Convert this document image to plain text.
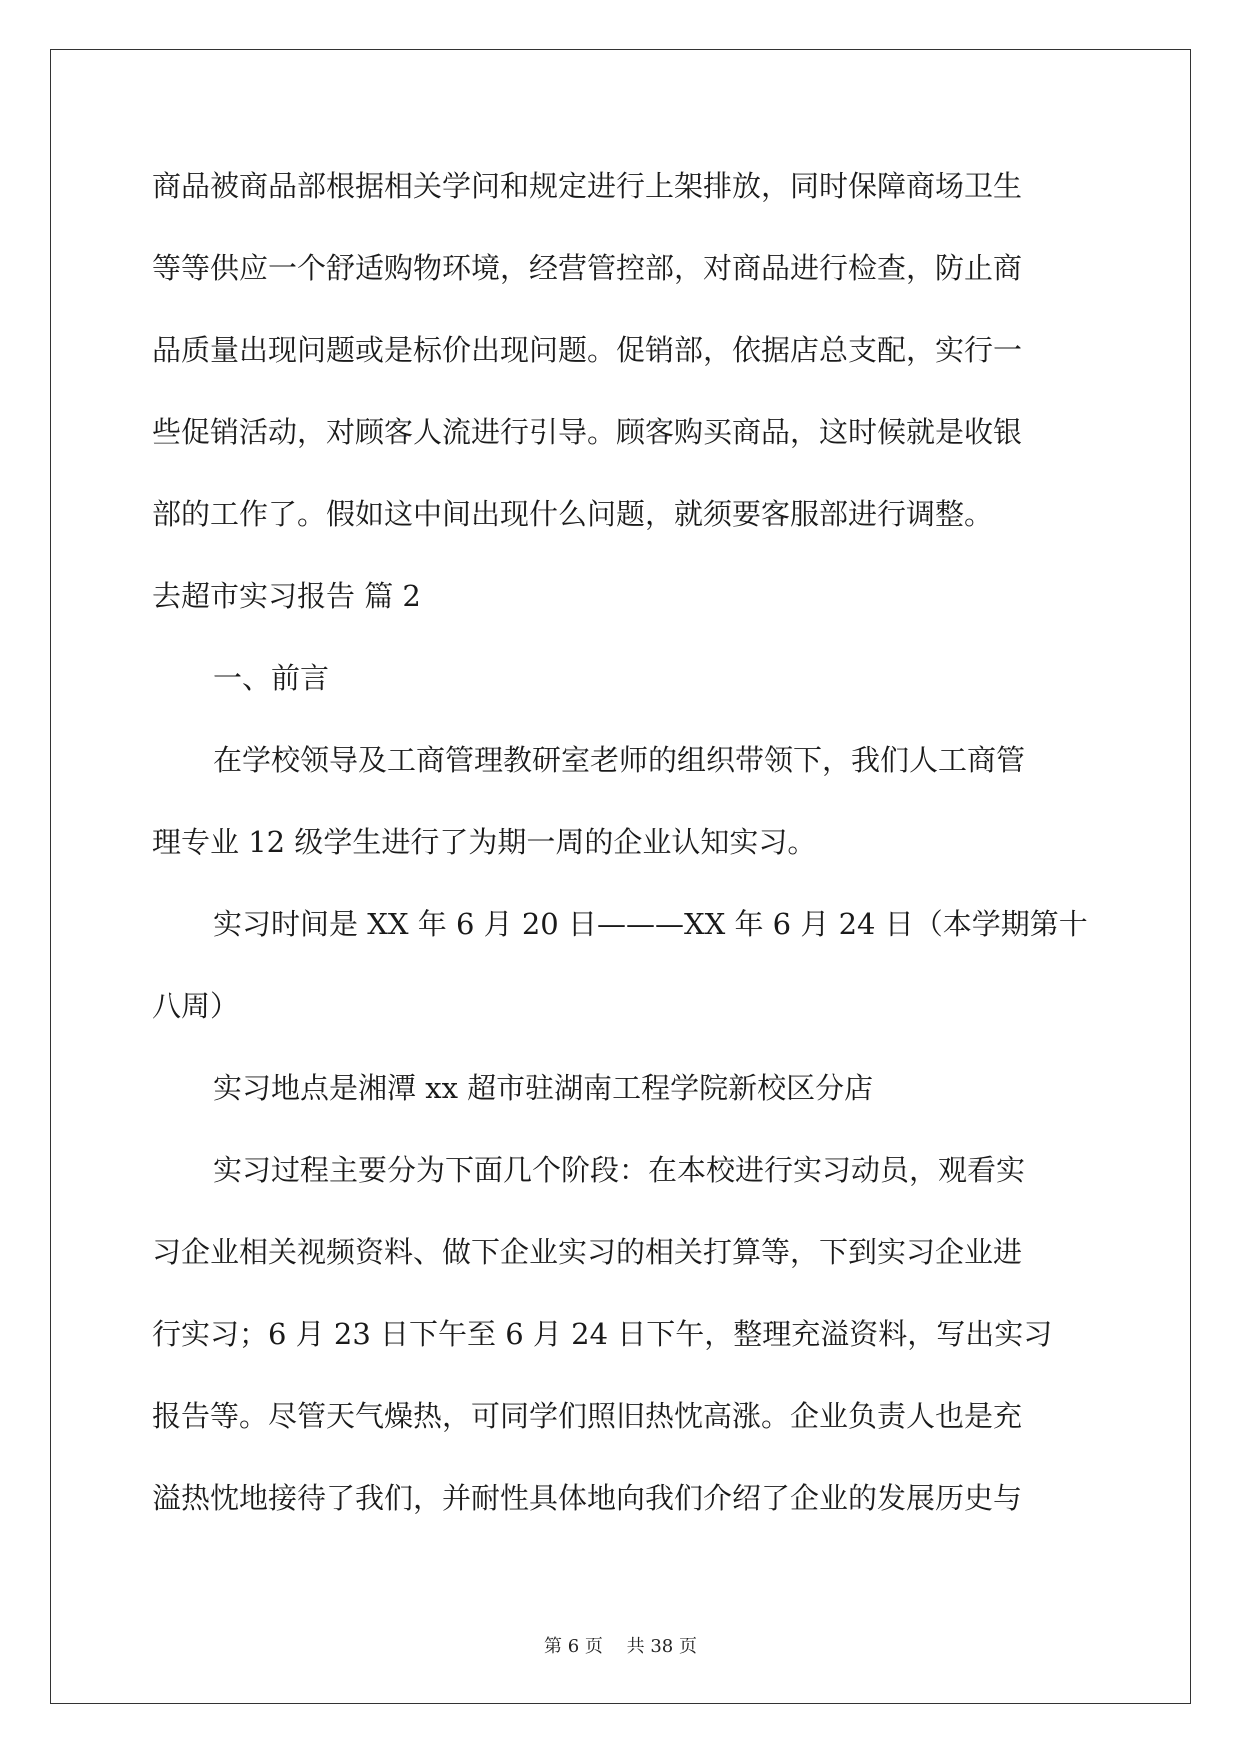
商品被商品部根据相关学问和规定进行上架排放，同时保障商场卫生
等等供应一个舒适购物环境，经营管控部，对商品进行检查，防止商
品质量出现问题或是标价出现问题。促销部，依据店总支配，实行一
些促销活动，对顾客人流进行引导。顾客购买商品，这时候就是收银
部的工作了。假如这中间出现什么问题，就须要客服部进行调整。
去超市实习报告 篇 2
一、前言
在学校领导及工商管理教研室老师的组织带领下，我们人工商管
理专业 12 级学生进行了为期一周的企业认知实习。
实习时间是 XX 年 6 月 20 日———XX 年 6 月 24 日（本学期第十
八周）
实习地点是湘潭 xx 超市驻湖南工程学院新校区分店
实习过程主要分为下面几个阶段：在本校进行实习动员，观看实
习企业相关视频资料、做下企业实习的相关打算等，下到实习企业进
行实习；6 月 23 日下午至 6 月 24 日下午，整理充溢资料，写出实习
报告等。尽管天气燥热，可同学们照旧热忱高涨。企业负责人也是充
溢热忱地接待了我们，并耐性具体地向我们介绍了企业的发展历史与
第 6 页　 共 38 页
